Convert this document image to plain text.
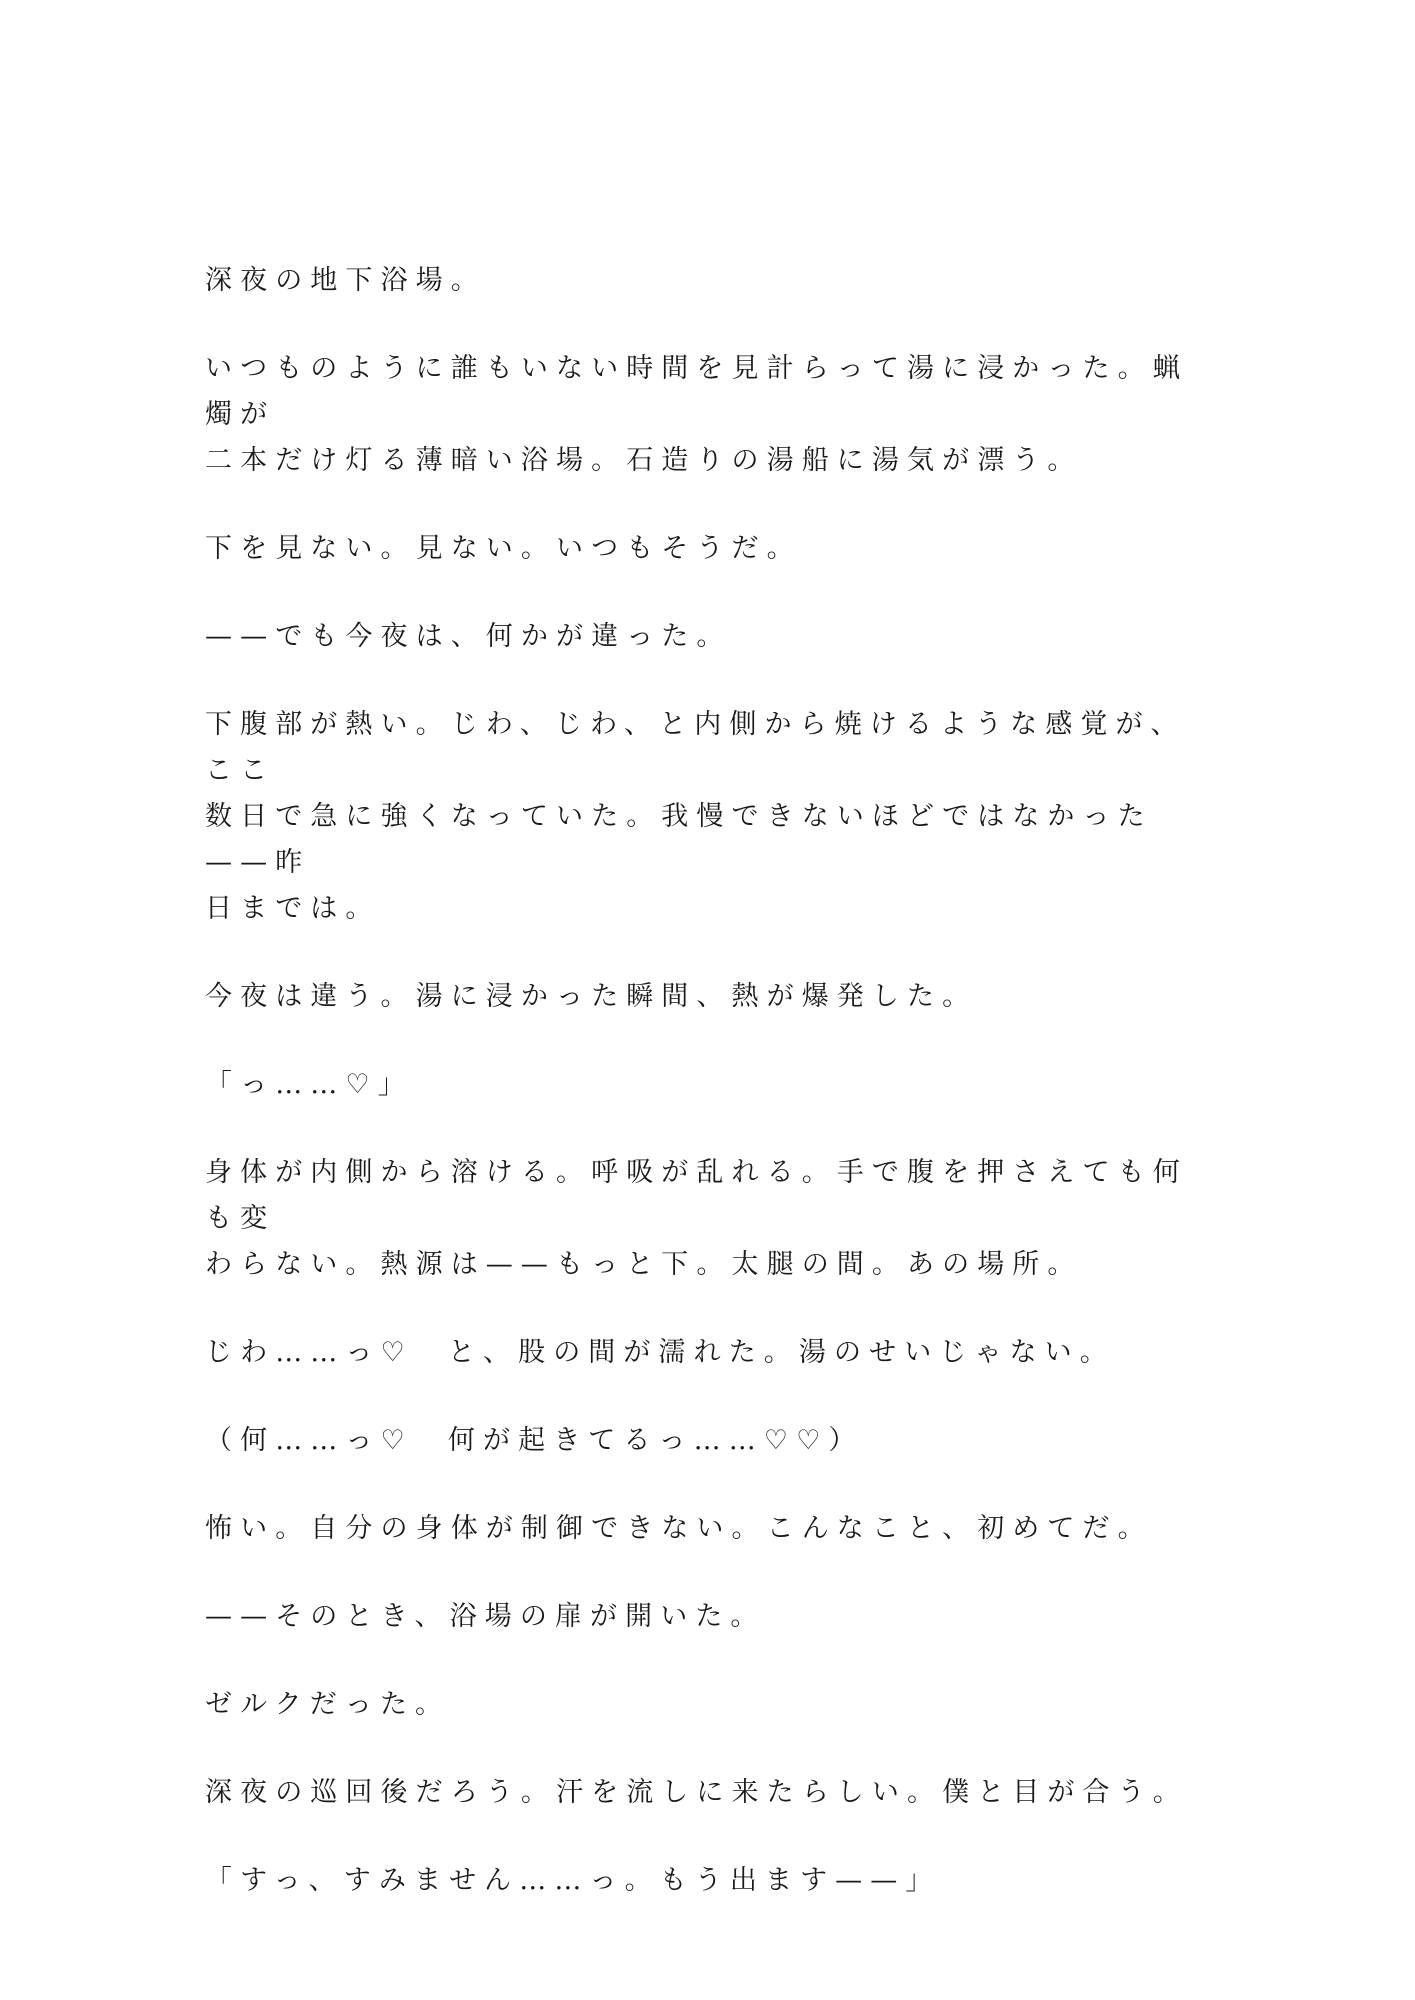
深夜の地下浴場。

いつものように誰もいない時間を見計らって湯に浸かった。蝋燭が
二本だけ灯る薄暗い浴場。石造りの湯船に湯気が漂う。

下を見ない。見ない。いつもそうだ。

——でも今夜は、何かが違った。

下腹部が熱い。じわ、じわ、と内側から焼けるような感覚が、ここ
数日で急に強くなっていた。我慢できないほどではなかった——昨
日までは。

今夜は違う。湯に浸かった瞬間、熱が爆発した。

「っ……♡」

身体が内側から溶ける。呼吸が乱れる。手で腹を押さえても何も変
わらない。熱源は——もっと下。太腿の間。あの場所。

じわ……っ♡　と、股の間が濡れた。湯のせいじゃない。

（何……っ♡　何が起きてるっ……♡♡）

怖い。自分の身体が制御できない。こんなこと、初めてだ。

——そのとき、浴場の扉が開いた。

ゼルクだった。

深夜の巡回後だろう。汗を流しに来たらしい。僕と目が合う。

「すっ、すみません……っ。もう出ます——」
